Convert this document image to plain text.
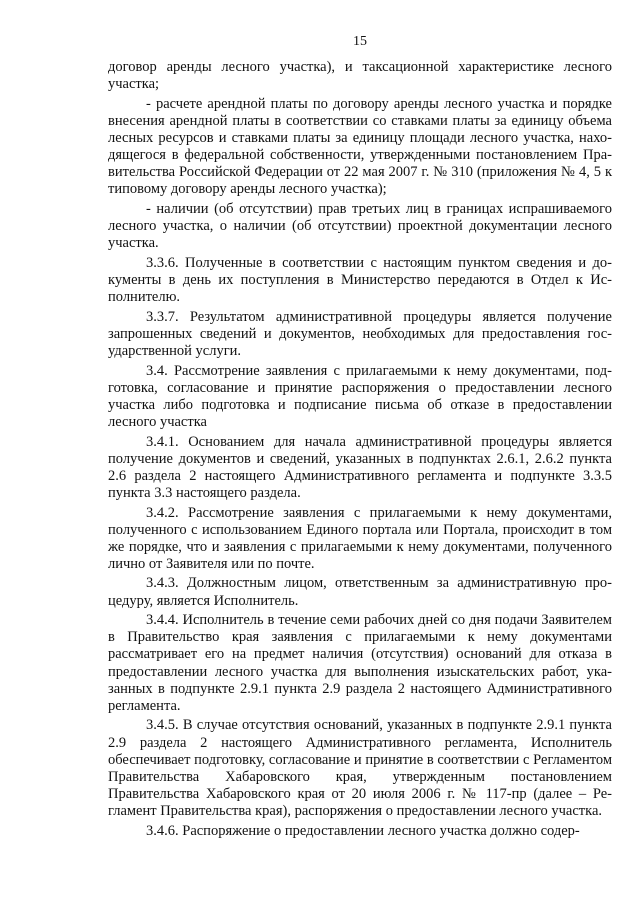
15

договор аренды лесного участка), и таксационной характеристике лесного участка;

- расчете арендной платы по договору аренды лесного участка и порядке внесения арендной платы в соответствии со ставками платы за единицу объема лесных ресурсов и ставками платы за единицу площади лесного участка, находящегося в федеральной собственности, утвержденными постановлением Правительства Российской Федерации от 22 мая 2007 г. № 310 (приложения № 4, 5 к типовому договору аренды лесного участка);

- наличии (об отсутствии) прав третьих лиц в границах испрашиваемого лесного участка, о наличии (об отсутствии) проектной документации лесного участка.

3.3.6. Полученные в соответствии с настоящим пунктом сведения и документы в день их поступления в Министерство передаются в Отдел к Исполнителю.

3.3.7. Результатом административной процедуры является получение запрошенных сведений и документов, необходимых для предоставления государственной услуги.

3.4. Рассмотрение заявления с прилагаемыми к нему документами, подготовка, согласование и принятие распоряжения о предоставлении лесного участка либо подготовка и подписание письма об отказе в предоставлении лесного участка

3.4.1. Основанием для начала административной процедуры является получение документов и сведений, указанных в подпунктах 2.6.1, 2.6.2 пункта 2.6 раздела 2 настоящего Административного регламента и подпункте 3.3.5 пункта 3.3 настоящего раздела.

3.4.2. Рассмотрение заявления с прилагаемыми к нему документами, полученного с использованием Единого портала или Портала, происходит в том же порядке, что и заявления с прилагаемыми к нему документами, полученного лично от Заявителя или по почте.

3.4.3. Должностным лицом, ответственным за административную процедуру, является Исполнитель.

3.4.4. Исполнитель в течение семи рабочих дней со дня подачи Заявителем в Правительство края заявления с прилагаемыми к нему документами рассматривает его на предмет наличия (отсутствия) оснований для отказа в предоставлении лесного участка для выполнения изыскательских работ, указанных в подпункте 2.9.1 пункта 2.9 раздела 2 настоящего Административного регламента.

3.4.5. В случае отсутствия оснований, указанных в подпункте 2.9.1 пункта 2.9 раздела 2 настоящего Административного регламента, Исполнитель обеспечивает подготовку, согласование и принятие в соответствии с Регламентом Правительства Хабаровского края, утвержденным постановлением Правительства Хабаровского края от 20 июля 2006 г. № 117-пр (далее – Регламент Правительства края), распоряжения о предоставлении лесного участка.

3.4.6. Распоряжение о предоставлении лесного участка должно содер-
